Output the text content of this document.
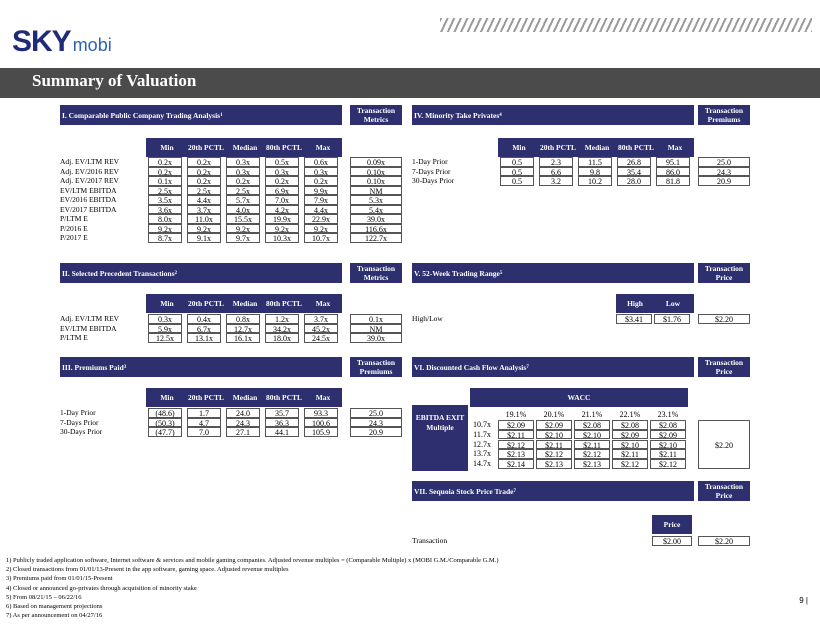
SKY mobi
Summary of Valuation
I. Comparable Public Company Trading Analysis 1	Transaction Metrics
Min	20th PCTL	Median	80th PCTL	Max
Adj. EV/LTM REV	0.2x	0.2x	0.3x	0.5x	0.6x	0.09x
Adj. EV/2016 REV	0.2x	0.2x	0.3x	0.3x	0.3x	0.10x
Adj. EV/2017 REV	0.1x	0.2x	0.2x	0.2x	0.2x	0.10x
EV/LTM EBITDA	2.5x	2.5x	2.5x	6.9x	9.9x	NM
EV/2016 EBITDA	3.5x	4.4x	5.7x	7.0x	7.9x	5.3x
EV/2017 EBITDA	3.6x	3.7x	4.0x	4.2x	4.4x	5.4x
P/LTM E	8.0x	11.0x	15.5x	19.9x	22.9x	39.0x
P/2016 E	9.2x	9.2x	9.2x	9.2x	9.2x	116.6x
P/2017 E	8.7x	9.1x	9.7x	10.3x	10.7x	122.7x
II. Selected Precedent Transactions 2	Transaction Metrics
Min	20th PCTL	Median	80th PCTL	Max
Adj. EV/LTM REV	0.3x	0.4x	0.8x	1.2x	3.7x	0.1x
EV/LTM EBITDA	5.9x	6.7x	12.7x	34.2x	45.2x	NM
P/LTM E	12.5x	13.1x	16.1x	18.0x	24.5x	39.0x
III. Premiums Paid 3	Transaction Premiums
Min	20th PCTL	Median	80th PCTL	Max
1-Day Prior	(48.6)	1.7	24.0	35.7	93.3	25.0
7-Days Prior	(50.3)	4.7	24.3	36.3	100.6	24.3
30-Days Prior	(47.7)	7.0	27.1	44.1	105.9	20.9
IV. Minority Take Privates 4	Transaction Premiums
Min	20th PCTL	Median	80th PCTL	Max
1-Day Prior	0.5	2.3	11.5	26.8	95.1	25.0
7-Days Prior	0.5	6.6	9.8	35.4	86.0	24.3
30-Days Prior	0.5	3.2	10.2	28.0	81.8	20.9
V. 52-Week Trading Range 5	Transaction Price
High	Low
High/Low	$3.41	$1.76	$2.20
VI. Discounted Cash Flow Analysis 7	Transaction Price
WACC
EBITDA EXIT Multiple
19.1%	20.1%	21.1%	22.1%	23.1%
10.7x	$2.09	$2.09	$2.08	$2.08	$2.08
11.7x	$2.11	$2.10	$2.10	$2.09	$2.09
12.7x	$2.12	$2.11	$2.11	$2.10	$2.10
13.7x	$2.13	$2.12	$2.12	$2.11	$2.11
14.7x	$2.14	$2.13	$2.13	$2.12	$2.12
$2.20
VII. Sequoia Stock Price Trade 7	Transaction Price
Price
Transaction	$2.00	$2.20
1) Publicly traded application software, Internet software & services and mobile gaming companies. Adjusted revenue multiples = (Comparable Multiple) x (MOBI G.M./Comparable G.M.)
2) Closed transactions from 01/01/13-Present in the app software, gaming space. Adjusted revenue multiples
3) Premiums paid from 01/01/15-Present
4) Closed or announced go-privates through acquisition of minority stake
5) From 08/21/15 – 06/22/16
6) Based on management projections
7) As per announcement on 04/27/16
9 |
